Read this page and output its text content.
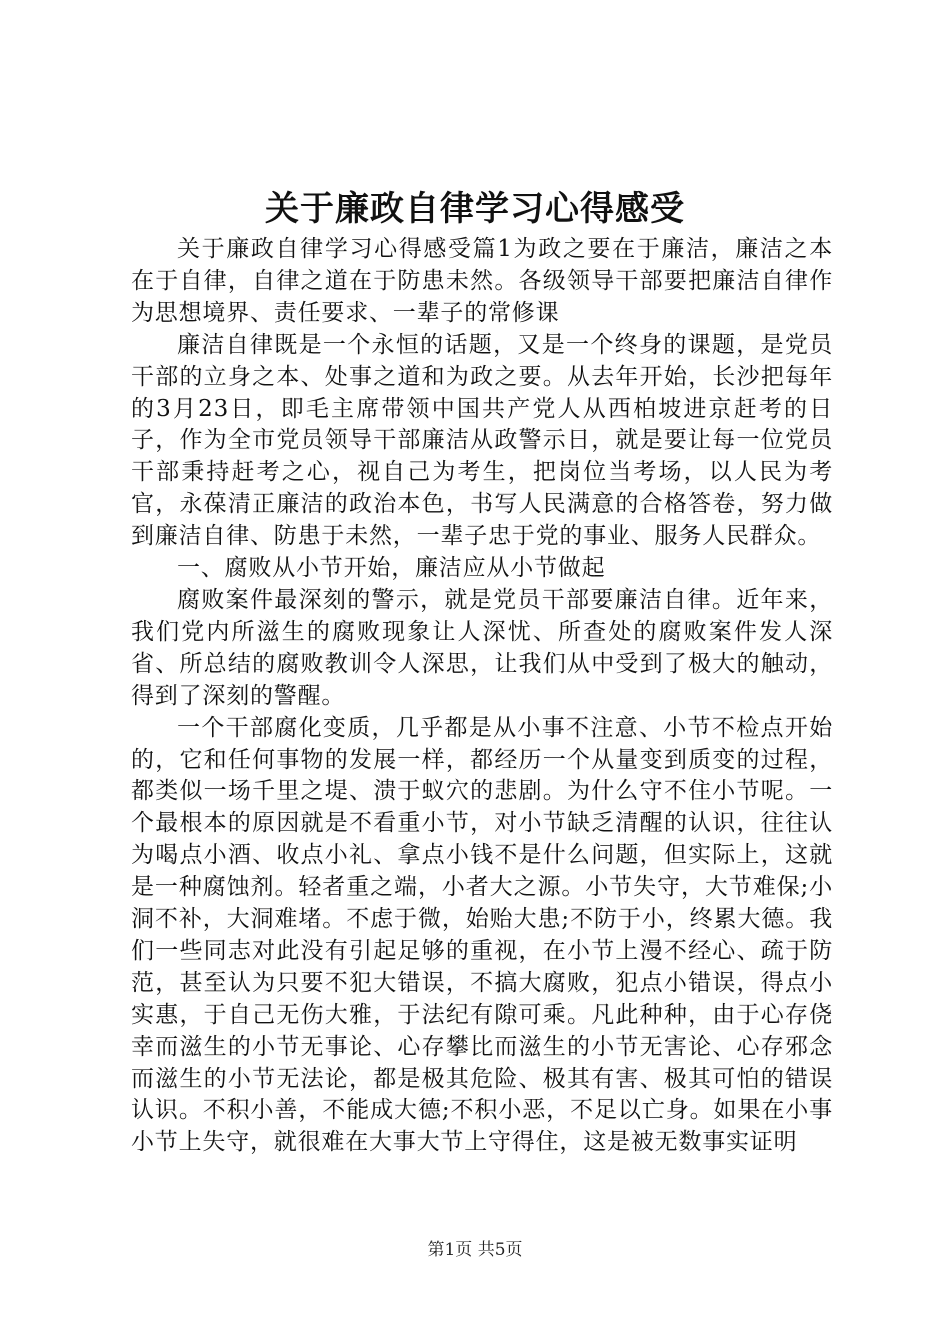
关于廉政自律学习心得感受

关于廉政自律学习心得感受篇1为政之要在于廉洁，廉洁之本在于自律，自律之道在于防患未然。各级领导干部要把廉洁自律作为思想境界、责任要求、一辈子的常修课

廉洁自律既是一个永恒的话题，又是一个终身的课题，是党员干部的立身之本、处事之道和为政之要。从去年开始，长沙把每年的3月23日，即毛主席带领中国共产党人从西柏坡进京赶考的日子，作为全市党员领导干部廉洁从政警示日，就是要让每一位党员干部秉持赶考之心，视自己为考生，把岗位当考场，以人民为考官，永葆清正廉洁的政治本色，书写人民满意的合格答卷，努力做到廉洁自律、防患于未然，一辈子忠于党的事业、服务人民群众。

一、腐败从小节开始，廉洁应从小节做起

腐败案件最深刻的警示，就是党员干部要廉洁自律。近年来，我们党内所滋生的腐败现象让人深忧、所查处的腐败案件发人深省、所总结的腐败教训令人深思，让我们从中受到了极大的触动，得到了深刻的警醒。

一个干部腐化变质，几乎都是从小事不注意、小节不检点开始的，它和任何事物的发展一样，都经历一个从量变到质变的过程，都类似一场千里之堤、溃于蚁穴的悲剧。为什么守不住小节呢。一个最根本的原因就是不看重小节，对小节缺乏清醒的认识，往往认为喝点小酒、收点小礼、拿点小钱不是什么问题，但实际上，这就是一种腐蚀剂。轻者重之端，小者大之源。小节失守，大节难保;小洞不补，大洞难堵。不虑于微，始贻大患;不防于小，终累大德。我们一些同志对此没有引起足够的重视，在小节上漫不经心、疏于防范，甚至认为只要不犯大错误，不搞大腐败，犯点小错误，得点小实惠，于自己无伤大雅，于法纪有隙可乘。凡此种种，由于心存侥幸而滋生的小节无事论、心存攀比而滋生的小节无害论、心存邪念而滋生的小节无法论，都是极其危险、极其有害、极其可怕的错误认识。不积小善，不能成大德;不积小恶，不足以亡身。如果在小事小节上失守，就很难在大事大节上守得住，这是被无数事实证明

第1页 共5页
